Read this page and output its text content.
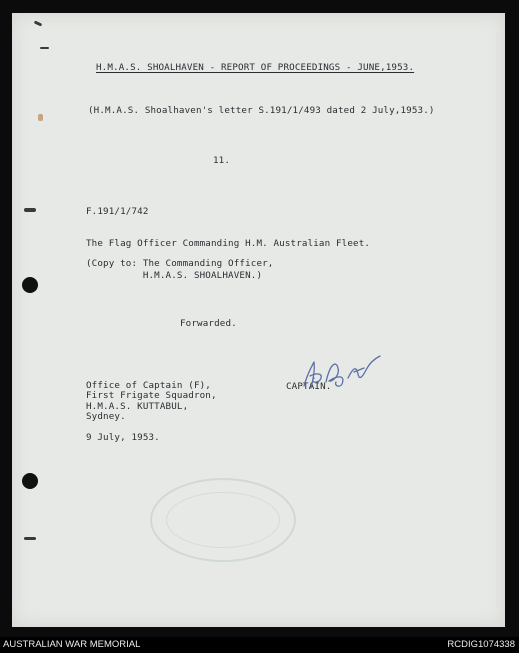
H.M.A.S. SHOALHAVEN - REPORT OF PROCEEDINGS - JUNE,1953.
(H.M.A.S. Shoalhaven's letter S.191/1/493 dated 2 July,1953.)
11.
F.191/1/742
The Flag Officer Commanding H.M. Australian Fleet.
(Copy to: The Commanding Officer,
H.M.A.S. SHOALHAVEN.)
Forwarded.
Office of Captain (F),
First Frigate Squadron,
H.M.A.S. KUTTABUL,
Sydney.
CAPTAIN.
9 July, 1953.
AUSTRALIAN WAR MEMORIAL	RCDIG1074338
